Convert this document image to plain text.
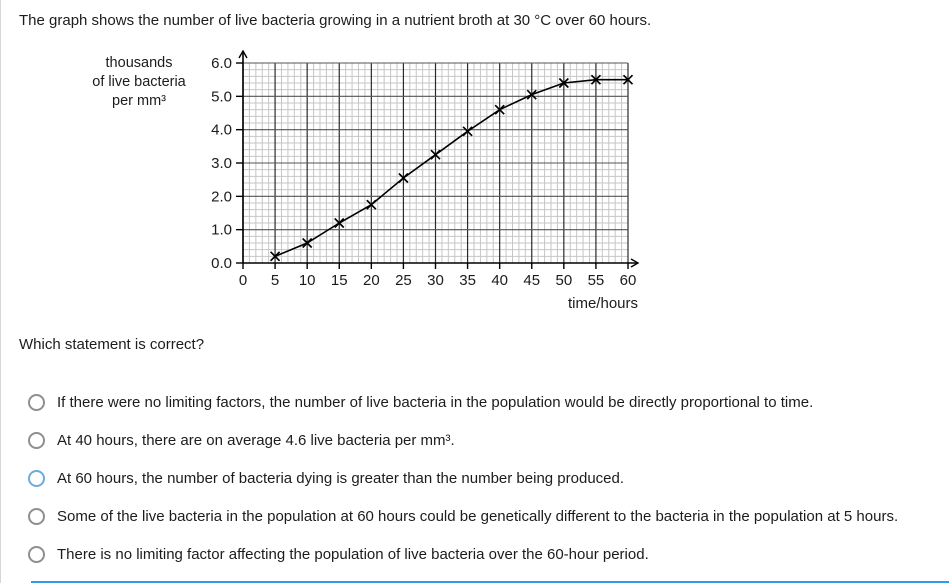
The graph shows the number of live bacteria growing in a nutrient broth at 30 °C over 60 hours.
0.0
1.0
2.0
3.0
4.0
5.0
6.0
0 5 10 15 20 25 30 35 40 45 50 55 60
time/hours
thousands
of live bacteria
per mm³
Which statement is correct?
If there were no limiting factors, the number of live bacteria in the population would be directly proportional to time.
At 40 hours, there are on average 4.6 live bacteria per mm³.
At 60 hours, the number of bacteria dying is greater than the number being produced.
Some of the live bacteria in the population at 60 hours could be genetically different to the bacteria in the population at 5 hours.
There is no limiting factor affecting the population of live bacteria over the 60-hour period.
